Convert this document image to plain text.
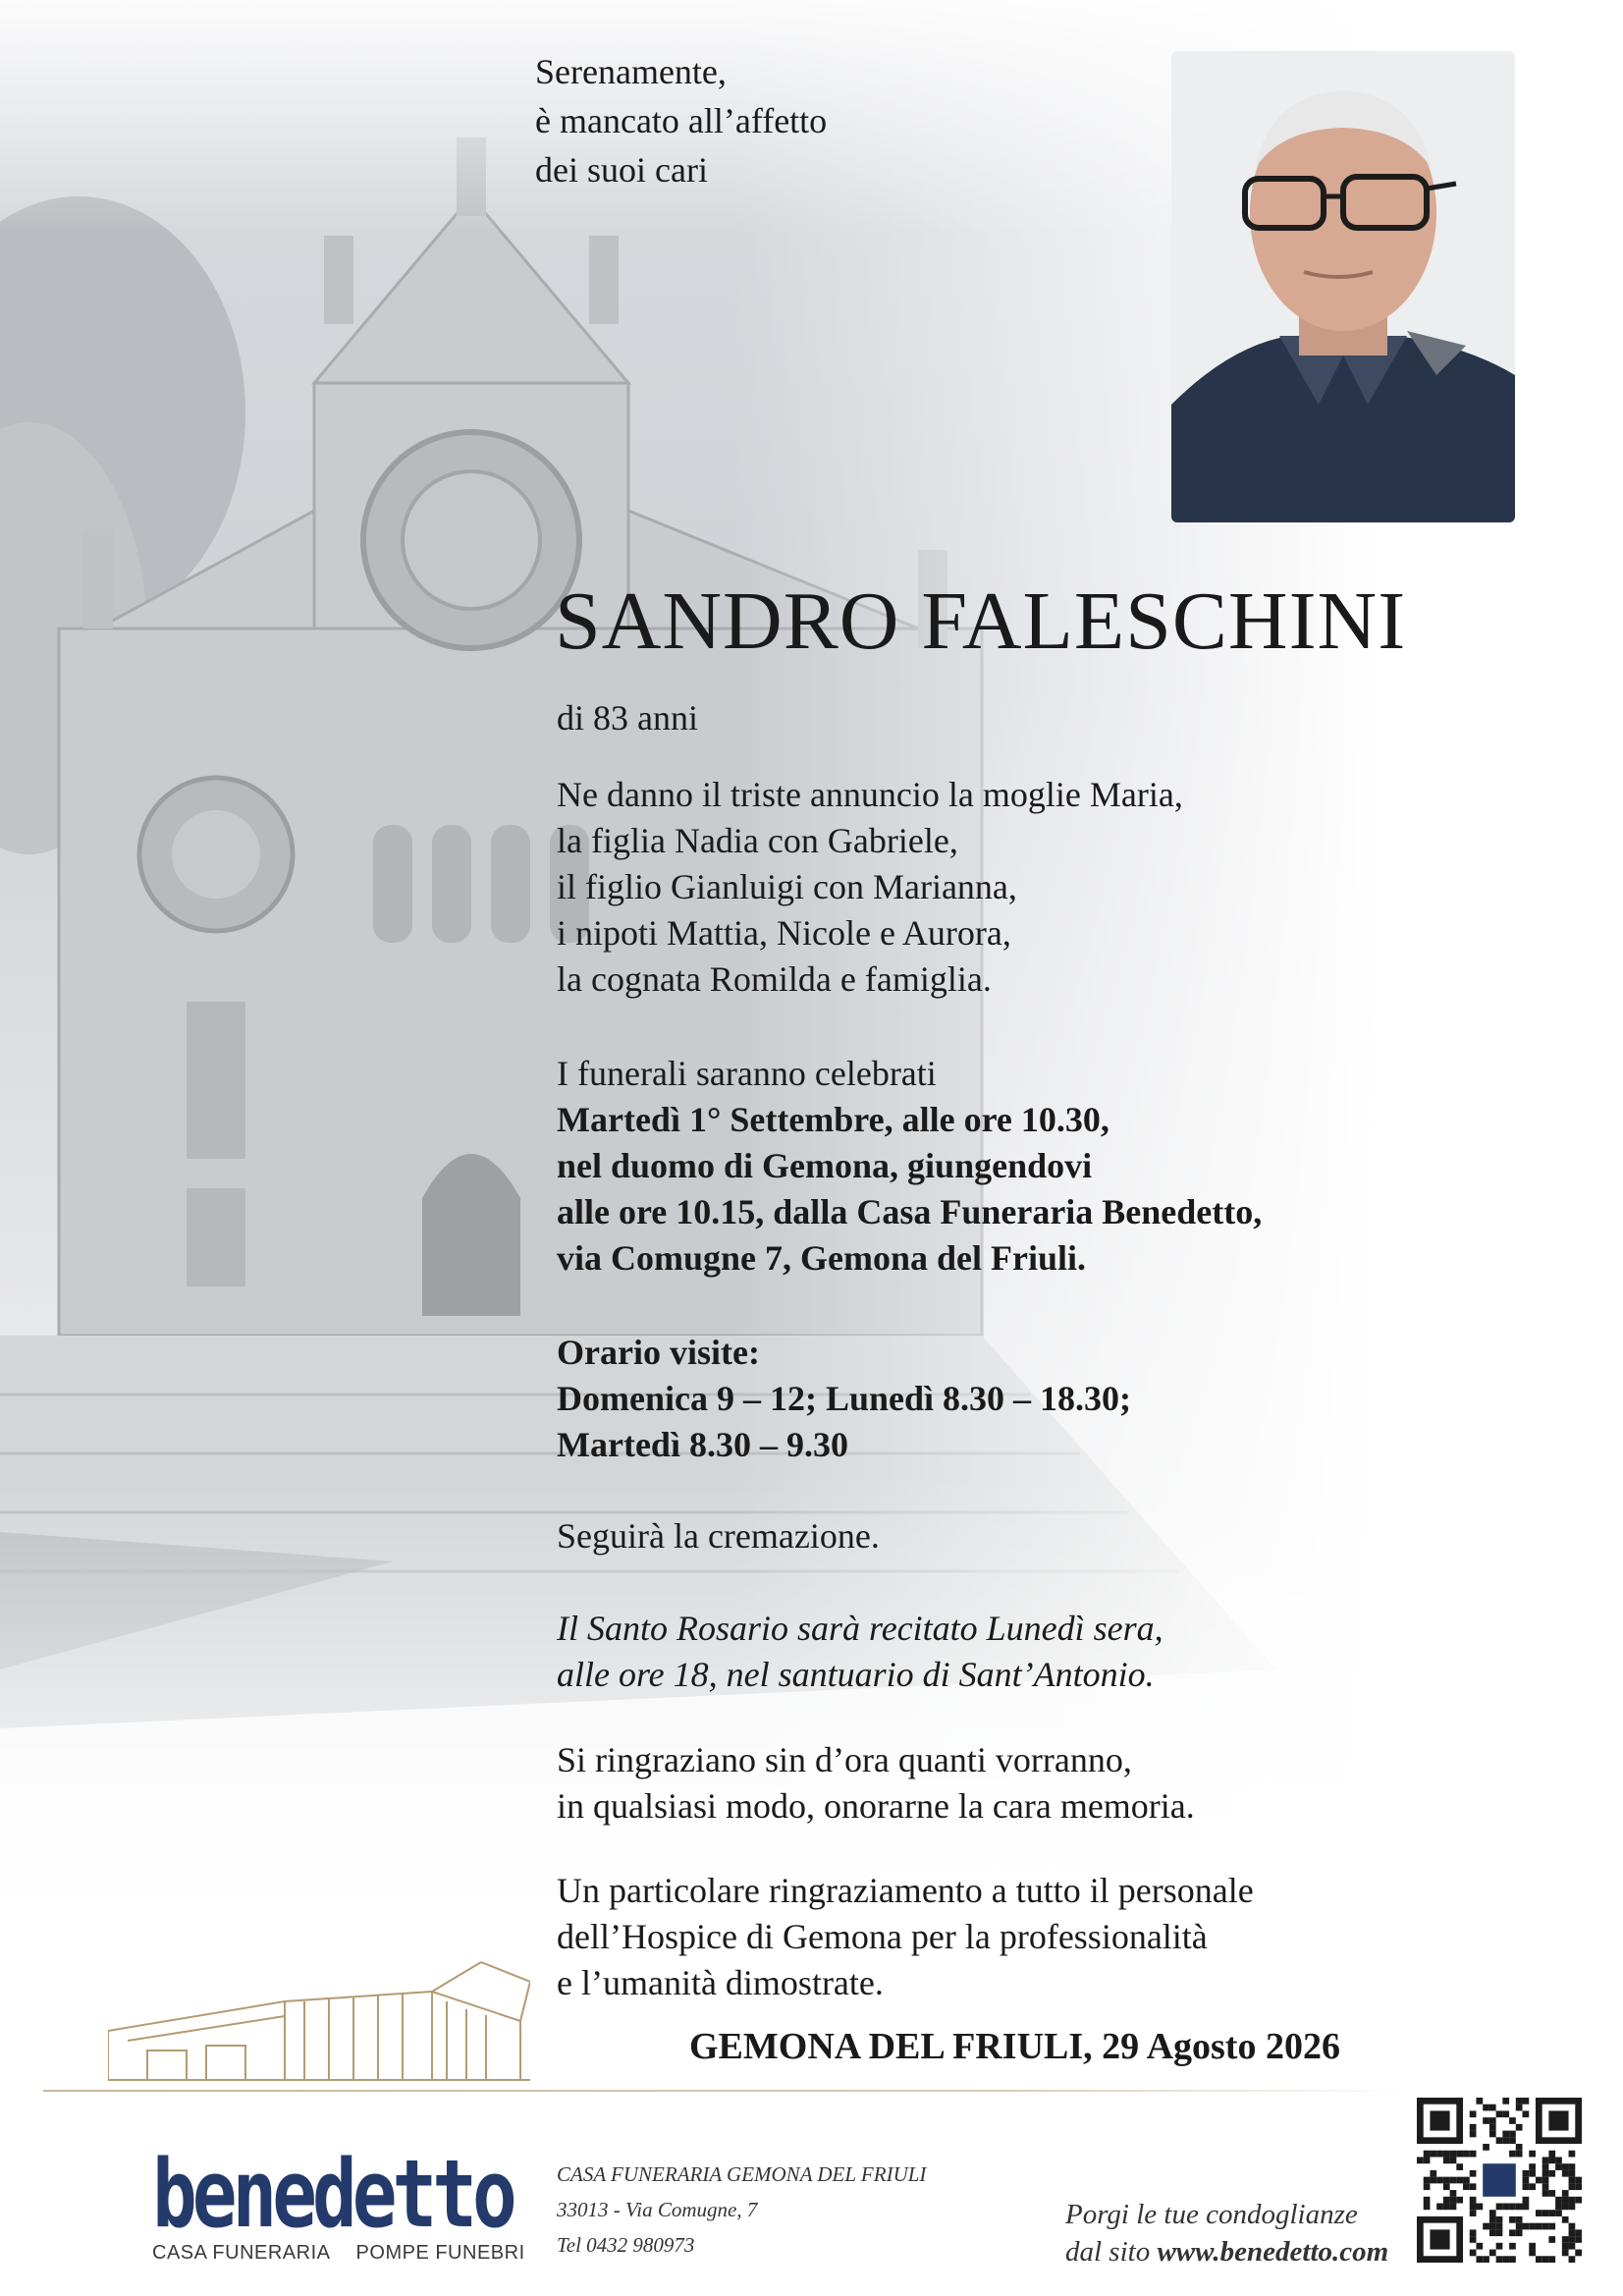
Serenamente,
è mancato all’affetto
dei suoi cari
SANDRO FALESCHINI
di 83 anni
Ne danno il triste annuncio la moglie Maria,
la figlia Nadia con Gabriele,
il figlio Gianluigi con Marianna,
i nipoti Mattia, Nicole e Aurora,
la cognata Romilda e famiglia.
I funerali saranno celebrati
Martedì 1° Settembre, alle ore 10.30,
nel duomo di Gemona, giungendovi
alle ore 10.15, dalla Casa Funeraria Benedetto,
via Comugne 7, Gemona del Friuli.
Orario visite:
Domenica 9 – 12; Lunedì 8.30 – 18.30;
Martedì 8.30 – 9.30
Seguirà la cremazione.
Il Santo Rosario sarà recitato Lunedì sera,
alle ore 18, nel santuario di Sant’Antonio.
Si ringraziano sin d’ora quanti vorranno,
in qualsiasi modo, onorarne la cara memoria.
Un particolare ringraziamento a tutto il personale
dell’Hospice di Gemona per la professionalità
e l’umanità dimostrate.
GEMONA DEL FRIULI, 29 Agosto 2026
benedetto
CASA FUNERARIA POMPE FUNEBRI
CASA FUNERARIA GEMONA DEL FRIULI
33013 - Via Comugne, 7
Tel 0432 980973
Porgi le tue condoglianze
dal sito www.benedetto.com
